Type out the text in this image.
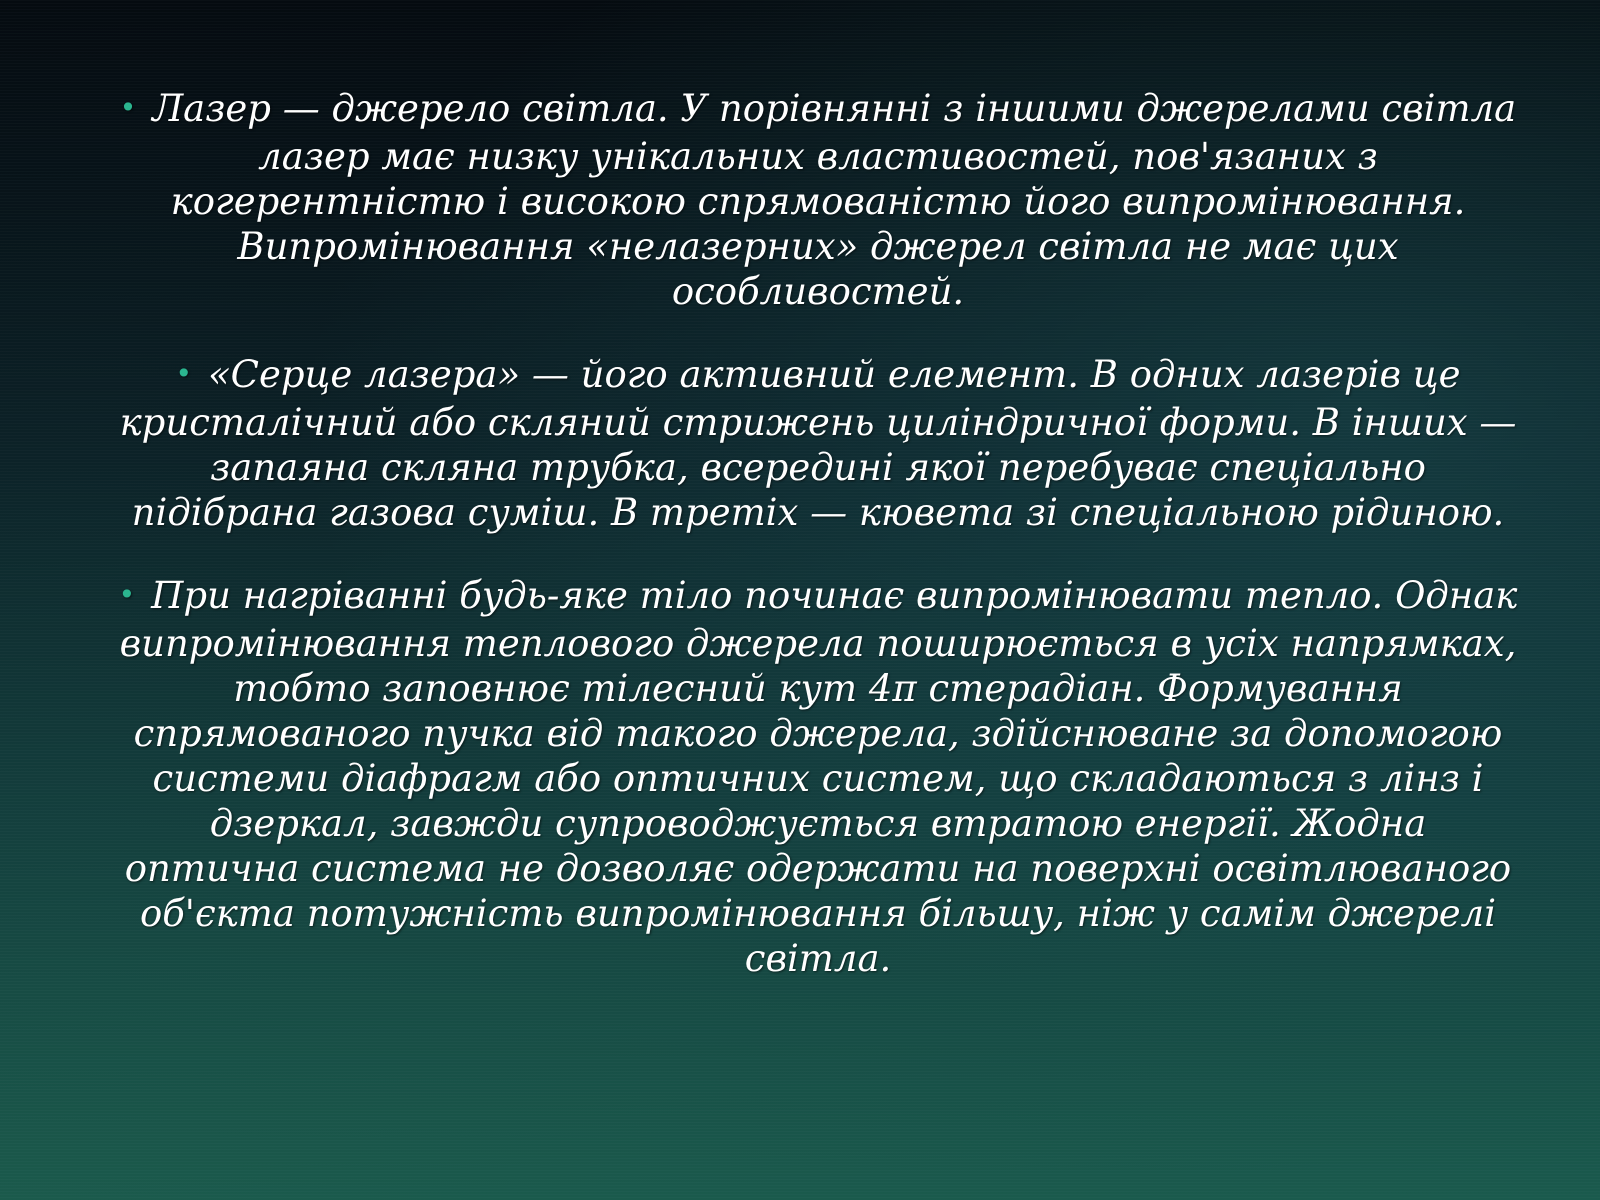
• Лазер — джерело світла. У порівнянні з іншими джерелами світла лазер має низку унікальних властивостей, пов'язаних з когерентністю і високою спрямованістю його випромінювання. Випромінювання «нелазерних» джерел світла не має цих особливостей.

• «Серце лазера» — його активний елемент. В одних лазерів це кристалічний або скляний стрижень циліндричної форми. В інших — запаяна скляна трубка, всередині якої перебуває спеціально підібрана газова суміш. В третіх — кювета зі спеціальною рідиною.

• При нагріванні будь-яке тіло починає випромінювати тепло. Однак випромінювання теплового джерела поширюється в усіх напрямках, тобто заповнює тілесний кут 4π стерадіан. Формування спрямованого пучка від такого джерела, здійснюване за допомогою системи діафрагм або оптичних систем, що складаються з лінз і дзеркал, завжди супроводжується втратою енергії. Жодна оптична система не дозволяє одержати на поверхні освітлюваного об'єкта потужність випромінювання більшу, ніж у самім джерелі світла.
